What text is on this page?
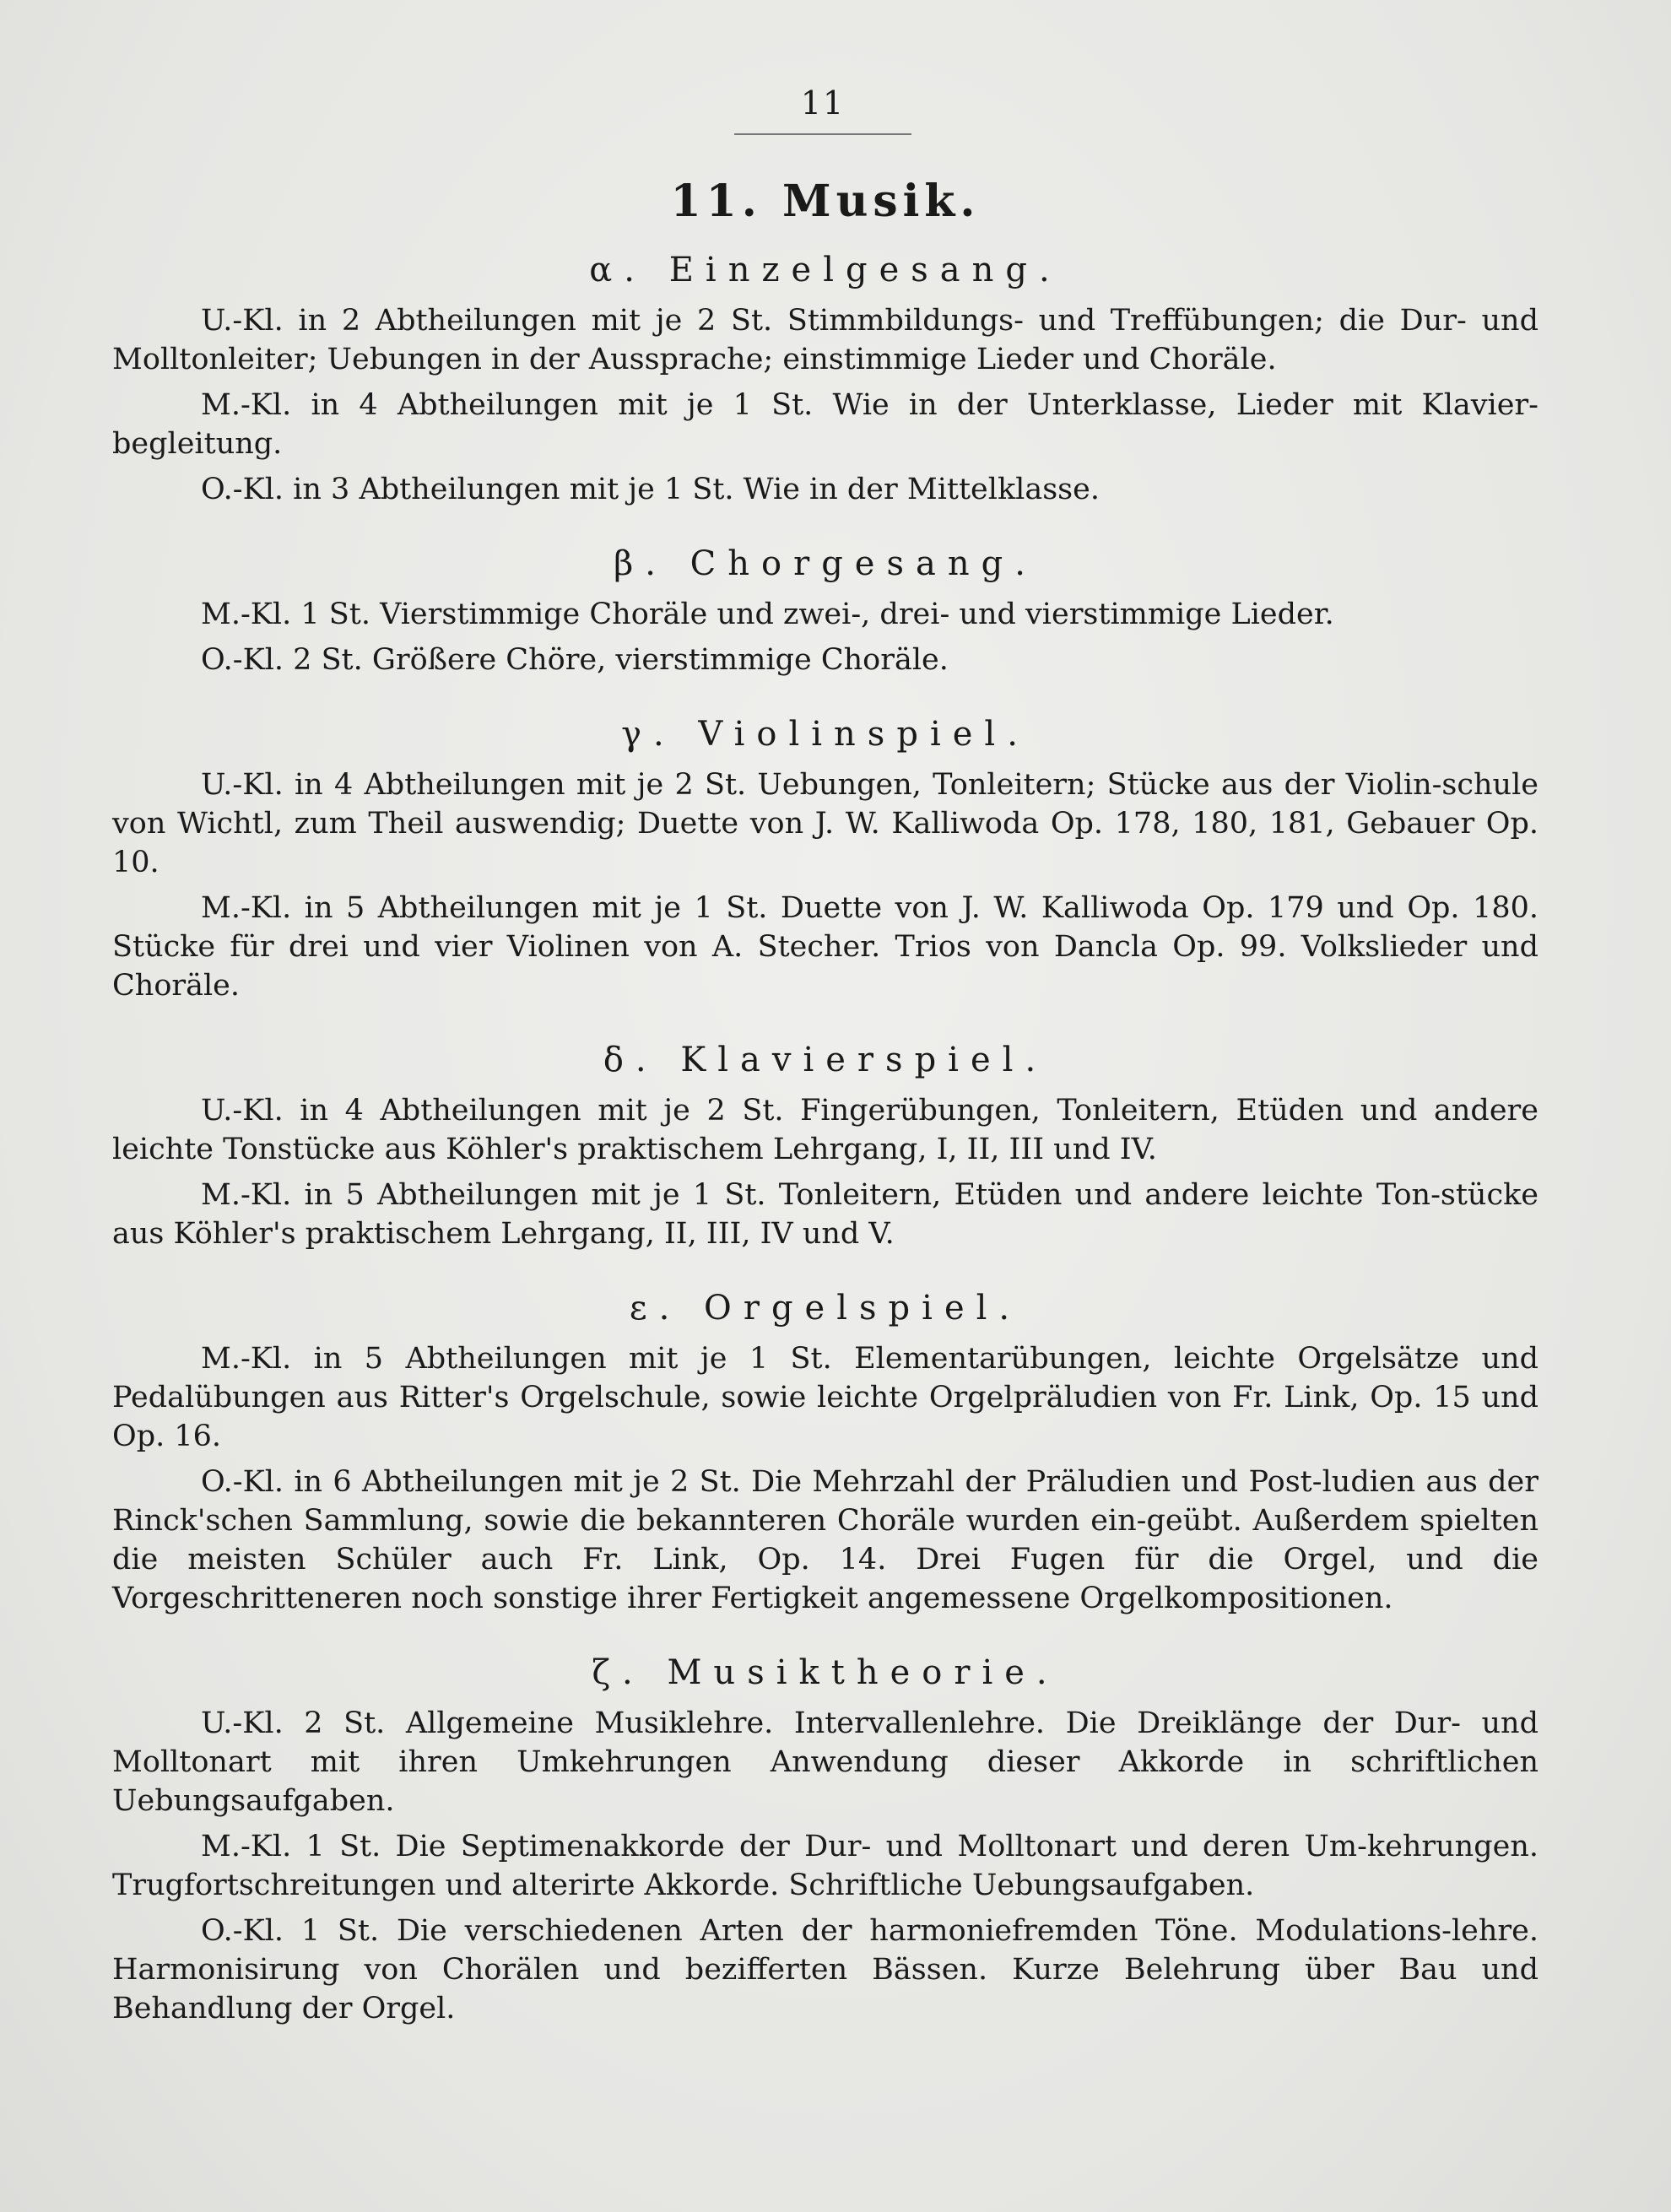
11
11. Musik.
α. Einzelgesang.

U.-Kl. in 2 Abtheilungen mit je 2 St. Stimmbildungs- und Treffübungen; die Dur- und Molltonleiter; Uebungen in der Aussprache; einstimmige Lieder und Choräle.

M.-Kl. in 4 Abtheilungen mit je 1 St. Wie in der Unterklasse, Lieder mit Klavier-begleitung.

O.-Kl. in 3 Abtheilungen mit je 1 St. Wie in der Mittelklasse.

β. Chorgesang.

M.-Kl. 1 St. Vierstimmige Choräle und zwei-, drei- und vierstimmige Lieder.

O.-Kl. 2 St. Größere Chöre, vierstimmige Choräle.

γ. Violinspiel.

U.-Kl. in 4 Abtheilungen mit je 2 St. Uebungen, Tonleitern; Stücke aus der Violin-schule von Wichtl, zum Theil auswendig; Duette von J. W. Kalliwoda Op. 178, 180, 181, Gebauer Op. 10.

M.-Kl. in 5 Abtheilungen mit je 1 St. Duette von J. W. Kalliwoda Op. 179 und Op. 180. Stücke für drei und vier Violinen von A. Stecher. Trios von Dancla Op. 99. Volkslieder und Choräle.

δ. Klavierspiel.

U.-Kl. in 4 Abtheilungen mit je 2 St. Fingerübungen, Tonleitern, Etüden und andere leichte Tonstücke aus Köhler's praktischem Lehrgang, I, II, III und IV.

M.-Kl. in 5 Abtheilungen mit je 1 St. Tonleitern, Etüden und andere leichte Ton-stücke aus Köhler's praktischem Lehrgang, II, III, IV und V.

ε. Orgelspiel.

M.-Kl. in 5 Abtheilungen mit je 1 St. Elementarübungen, leichte Orgelsätze und Pedalübungen aus Ritter's Orgelschule, sowie leichte Orgelpräludien von Fr. Link, Op. 15 und Op. 16.

O.-Kl. in 6 Abtheilungen mit je 2 St. Die Mehrzahl der Präludien und Post-ludien aus der Rinck'schen Sammlung, sowie die bekannteren Choräle wurden ein-geübt. Außerdem spielten die meisten Schüler auch Fr. Link, Op. 14. Drei Fugen für die Orgel, und die Vorgeschritteneren noch sonstige ihrer Fertigkeit angemessene Orgelkompositionen.

ζ. Musiktheorie.

U.-Kl. 2 St. Allgemeine Musiklehre. Intervallenlehre. Die Dreiklänge der Dur- und Molltonart mit ihren Umkehrungen Anwendung dieser Akkorde in schriftlichen Uebungsaufgaben.

M.-Kl. 1 St. Die Septimenakkorde der Dur- und Molltonart und deren Um-kehrungen. Trugfortschreitungen und alterirte Akkorde. Schriftliche Uebungsaufgaben.

O.-Kl. 1 St. Die verschiedenen Arten der harmoniefremden Töne. Modulations-lehre. Harmonisirung von Chorälen und bezifferten Bässen. Kurze Belehrung über Bau und Behandlung der Orgel.
